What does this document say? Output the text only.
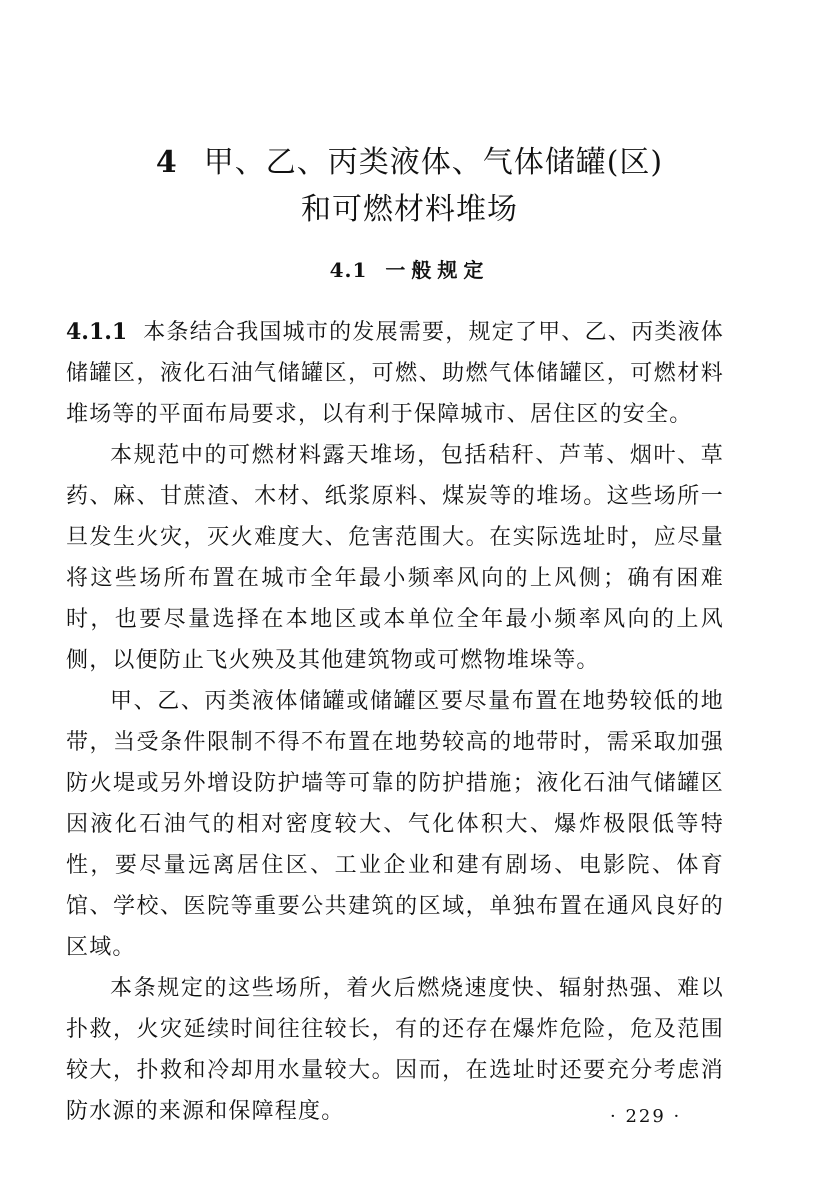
4 甲、乙、丙类液体、气体储罐(区)
和可燃材料堆场
4.1 一般规定

4.1.1 本条结合我国城市的发展需要，规定了甲、乙、丙类液体储罐区，液化石油气储罐区，可燃、助燃气体储罐区，可燃材料堆场等的平面布局要求，以有利于保障城市、居住区的安全。

本规范中的可燃材料露天堆场，包括秸秆、芦苇、烟叶、草药、麻、甘蔗渣、木材、纸浆原料、煤炭等的堆场。这些场所一旦发生火灾，灭火难度大、危害范围大。在实际选址时，应尽量将这些场所布置在城市全年最小频率风向的上风侧；确有困难时，也要尽量选择在本地区或本单位全年最小频率风向的上风侧，以便防止飞火殃及其他建筑物或可燃物堆垛等。

甲、乙、丙类液体储罐或储罐区要尽量布置在地势较低的地带，当受条件限制不得不布置在地势较高的地带时，需采取加强防火堤或另外增设防护墙等可靠的防护措施；液化石油气储罐区因液化石油气的相对密度较大、气化体积大、爆炸极限低等特性，要尽量远离居住区、工业企业和建有剧场、电影院、体育馆、学校、医院等重要公共建筑的区域，单独布置在通风良好的区域。

本条规定的这些场所，着火后燃烧速度快、辐射热强、难以扑救，火灾延续时间往往较长，有的还存在爆炸危险，危及范围较大，扑救和冷却用水量较大。因而，在选址时还要充分考虑消防水源的来源和保障程度。	· 229 ·
